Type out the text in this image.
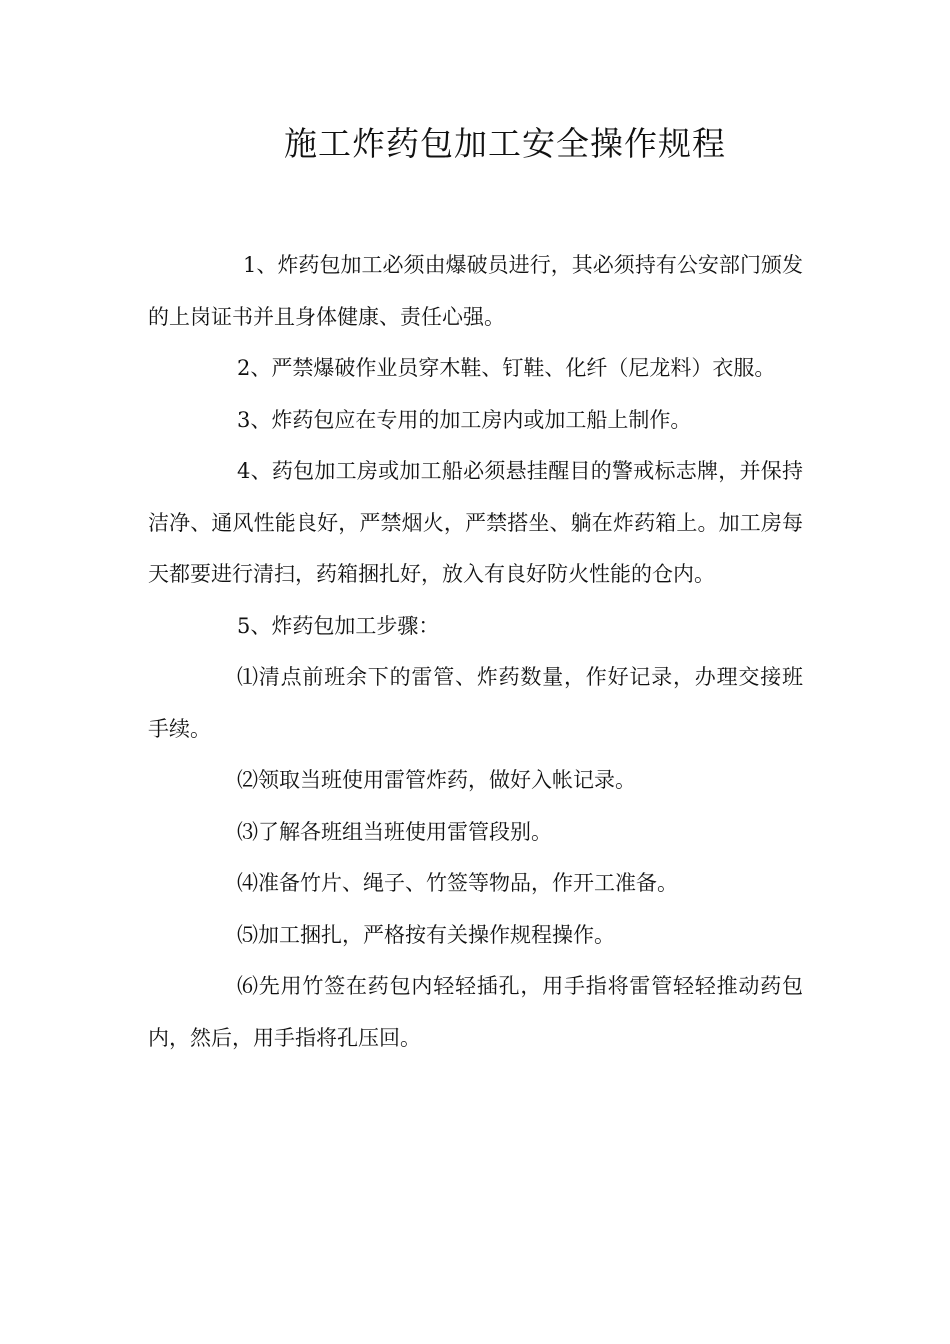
施工炸药包加工安全操作规程

1、炸药包加工必须由爆破员进行，其必须持有公安部门颁发的上岗证书并且身体健康、责任心强。

2、严禁爆破作业员穿木鞋、钉鞋、化纤（尼龙料）衣服。

3、炸药包应在专用的加工房内或加工船上制作。

4、药包加工房或加工船必须悬挂醒目的警戒标志牌，并保持洁净、通风性能良好，严禁烟火，严禁搭坐、躺在炸药箱上。加工房每天都要进行清扫，药箱捆扎好，放入有良好防火性能的仓内。

5、炸药包加工步骤：

⑴清点前班余下的雷管、炸药数量，作好记录，办理交接班手续。

⑵领取当班使用雷管炸药，做好入帐记录。

⑶了解各班组当班使用雷管段别。

⑷准备竹片、绳子、竹签等物品，作开工准备。

⑸加工捆扎，严格按有关操作规程操作。

⑹先用竹签在药包内轻轻插孔，用手指将雷管轻轻推动药包内，然后，用手指将孔压回。
